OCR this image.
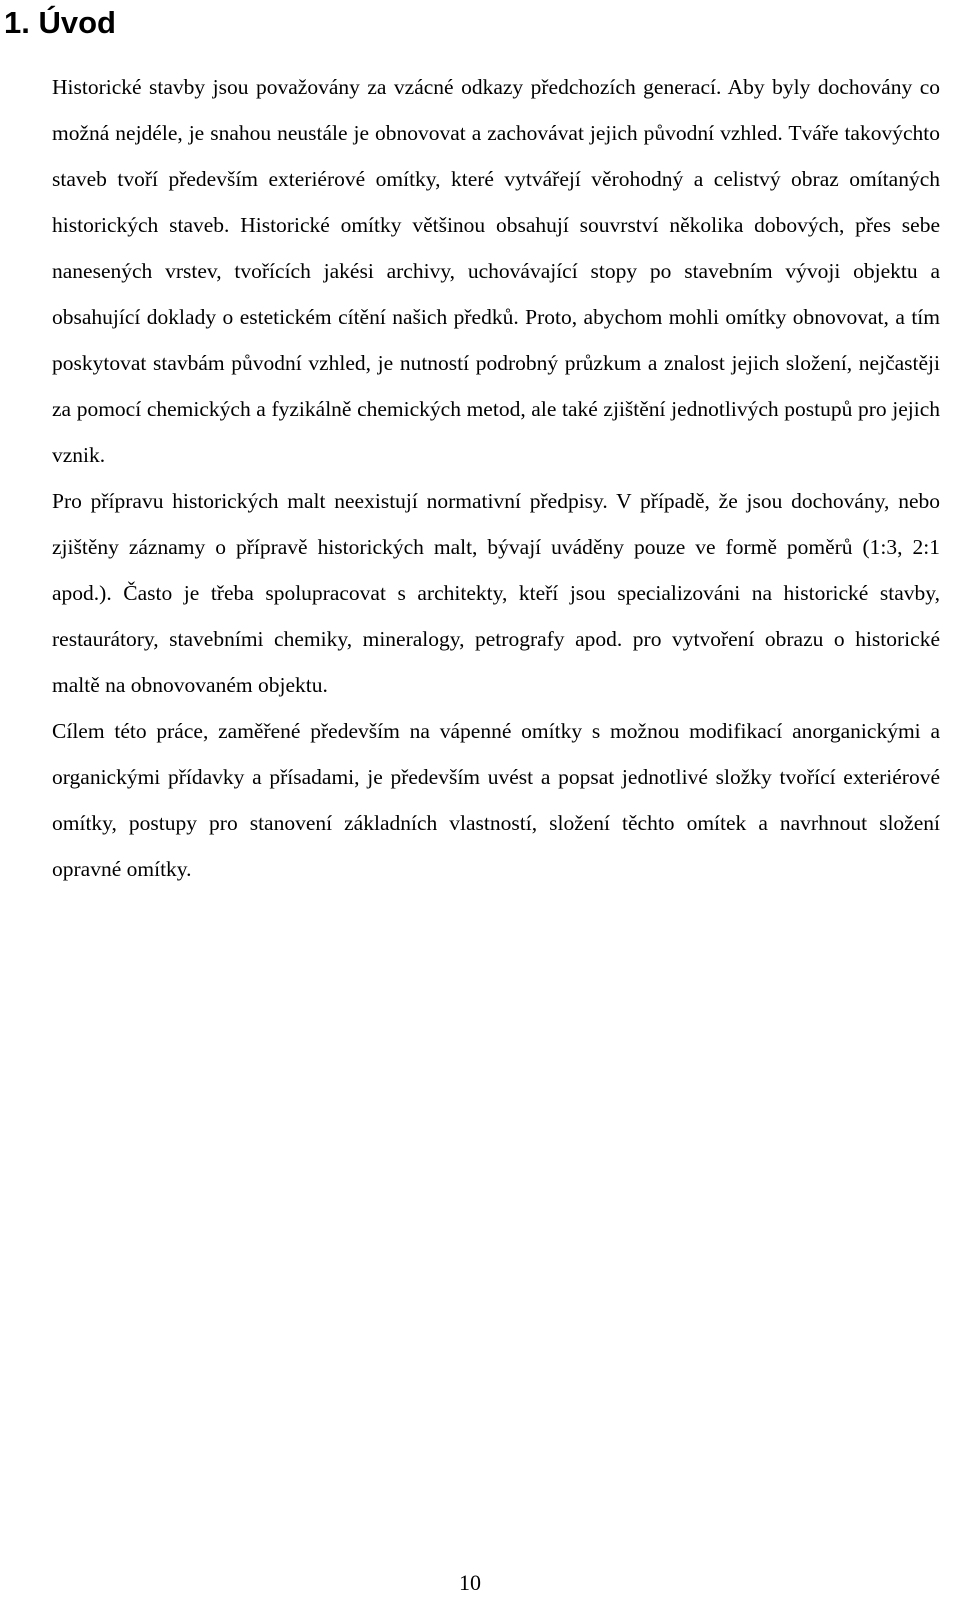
1. Úvod

Historické stavby jsou považovány za vzácné odkazy předchozích generací. Aby byly dochovány co možná nejdéle, je snahou neustále je obnovovat a zachovávat jejich původní vzhled. Tváře takovýchto staveb tvoří především exteriérové omítky, které vytvářejí věrohodný a celistvý obraz omítaných historických staveb. Historické omítky většinou obsahují souvrství několika dobových, přes sebe nanesených vrstev, tvořících jakési archivy, uchovávající stopy po stavebním vývoji objektu a obsahující doklady o estetickém cítění našich předků. Proto, abychom mohli omítky obnovovat, a tím poskytovat stavbám původní vzhled, je nutností podrobný průzkum a znalost jejich složení, nejčastěji za pomocí chemických a fyzikálně chemických metod, ale také zjištění jednotlivých postupů pro jejich vznik.

Pro přípravu historických malt neexistují normativní předpisy. V případě, že jsou dochovány, nebo zjištěny záznamy o přípravě historických malt, bývají uváděny pouze ve formě poměrů (1:3, 2:1 apod.). Často je třeba spolupracovat s architekty, kteří jsou specializováni na historické stavby, restaurátory, stavebními chemiky, mineralogy, petrografy apod. pro vytvoření obrazu o historické maltě na obnovovaném objektu.

Cílem této práce, zaměřené především na vápenné omítky s možnou modifikací anorganickými a organickými přídavky a přísadami, je především uvést a popsat jednotlivé složky tvořící exteriérové omítky, postupy pro stanovení základních vlastností, složení těchto omítek a navrhnout složení opravné omítky.

10
